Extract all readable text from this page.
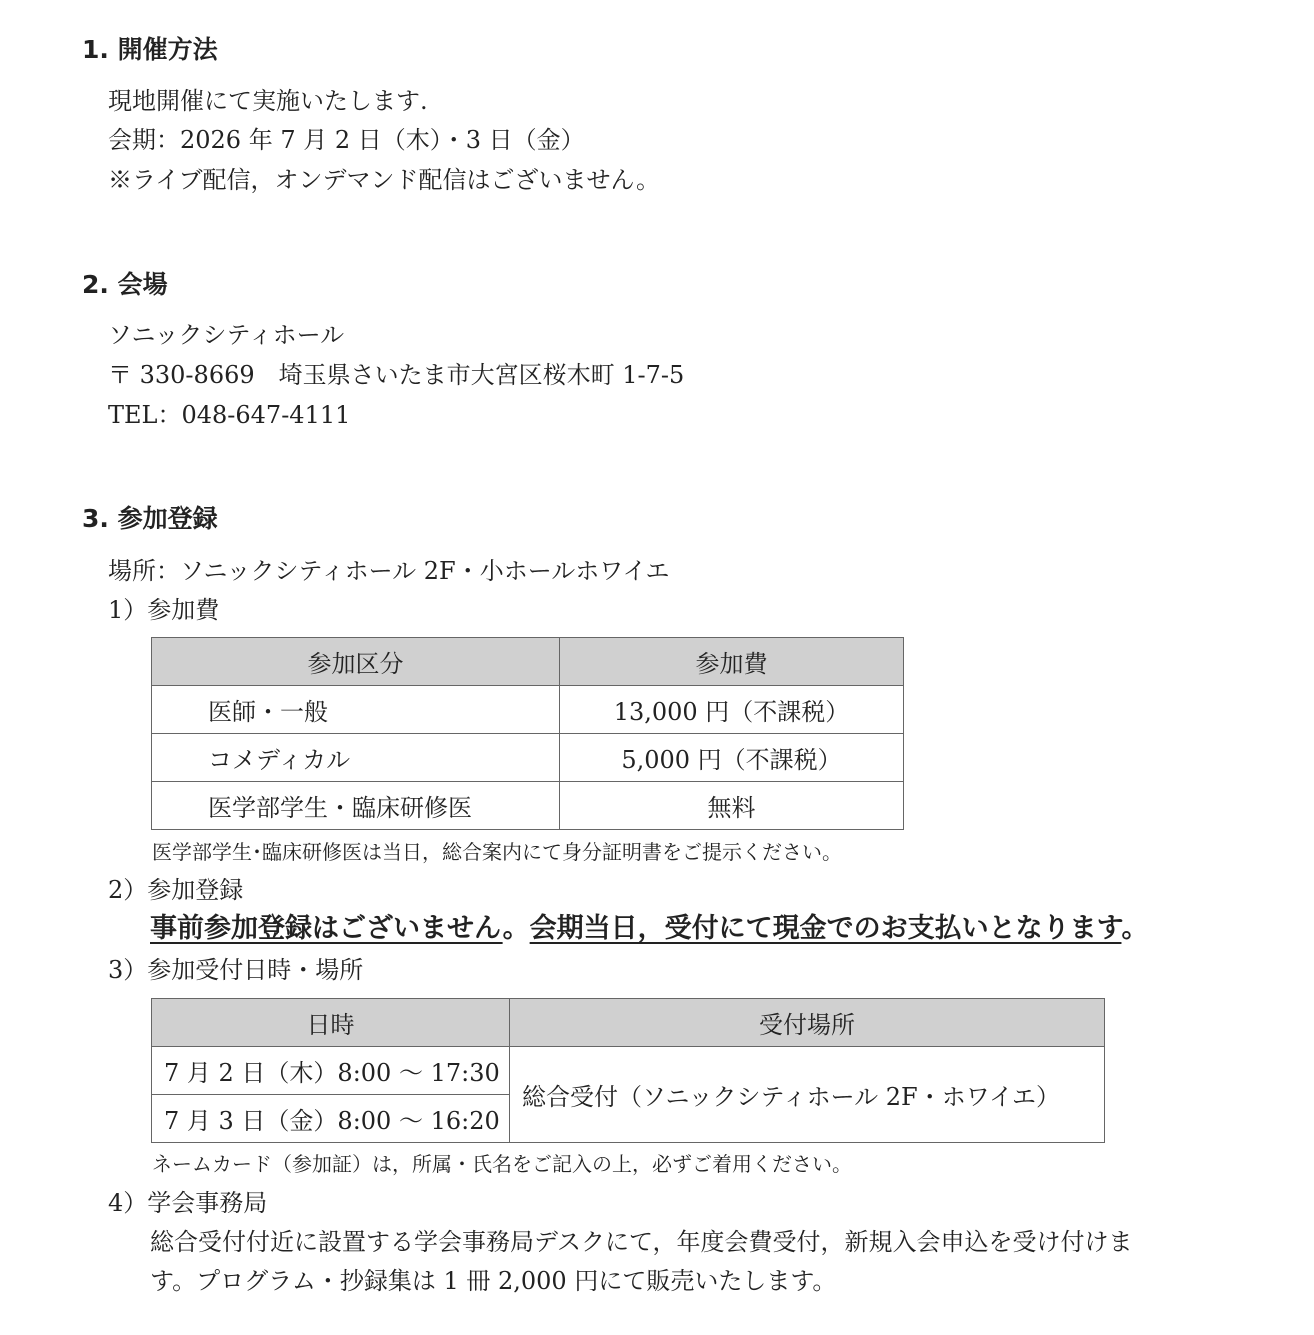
1. 開催方法
現地開催にて実施いたします.
会期：2026 年 7 月 2 日（木）・3 日（金）
※ライブ配信，オンデマンド配信はございません。
2. 会場
ソニックシティホール
〒 330-8669　埼玉県さいたま市大宮区桜木町 1-7-5
TEL：048-647-4111
3. 参加登録
場所：ソニックシティホール 2F・小ホールホワイエ
1）参加費
参加区分	参加費
医師・一般	13,000 円（不課税）
コメディカル	5,000 円（不課税）
医学部学生・臨床研修医	無料
医学部学生･臨床研修医は当日，総合案内にて身分証明書をご提示ください。
2）参加登録
事前参加登録はございません。会期当日，受付にて現金でのお支払いとなります。
3）参加受付日時・場所
日時	受付場所
7 月 2 日（木）8:00 ～ 17:30	総合受付（ソニックシティホール 2F・ホワイエ）
7 月 3 日（金）8:00 ～ 16:20	
ネームカード（参加証）は，所属・氏名をご記入の上，必ずご着用ください。
4）学会事務局
総合受付付近に設置する学会事務局デスクにて，年度会費受付，新規入会申込を受け付けま
す。プログラム・抄録集は 1 冊 2,000 円にて販売いたします。
